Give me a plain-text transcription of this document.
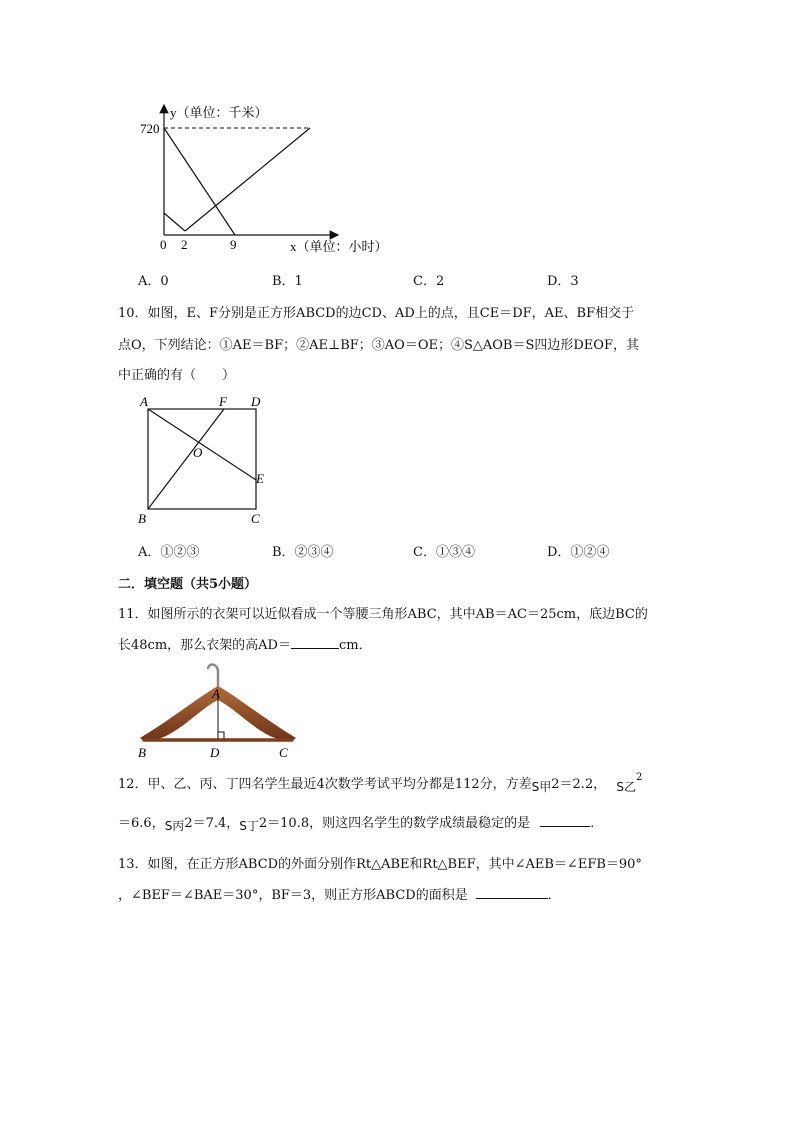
y（单位：千米）
720
0 2	9	x（单位：小时）
A．0	B．1	C．2	D．3
10．如图，E、F分别是正方形ABCD的边CD、AD上的点，且CE＝DF，AE、BF相交于
点O，下列结论：①AE＝BF；②AE⊥BF；③AO＝OE；④S△AOB＝S四边形DEOF，其
中正确的有（　　）
A	F D
O
E
B	C
A．①②③	B．②③④	C．①③④	D．①②④
二．填空题（共5小题）
11．如图所示的衣架可以近似看成一个等腰三角形ABC，其中AB＝AC＝25cm，底边BC的
长48cm，那么衣架的高AD＝	cm．
A
B	D	C
12．甲、乙、丙、丁四名学生最近4次数学考试平均分都是112分，方差S甲2＝2.2， S乙$^2$
＝6.6，S丙2＝7.4，S丁2＝10.8，则这四名学生的数学成绩最稳定的是	．
13．如图，在正方形ABCD的外面分别作Rt△ABE和Rt△BEF，其中∠AEB＝∠EFB＝90°
，∠BEF＝∠BAE＝30°，BF＝3，则正方形ABCD的面积是	．
